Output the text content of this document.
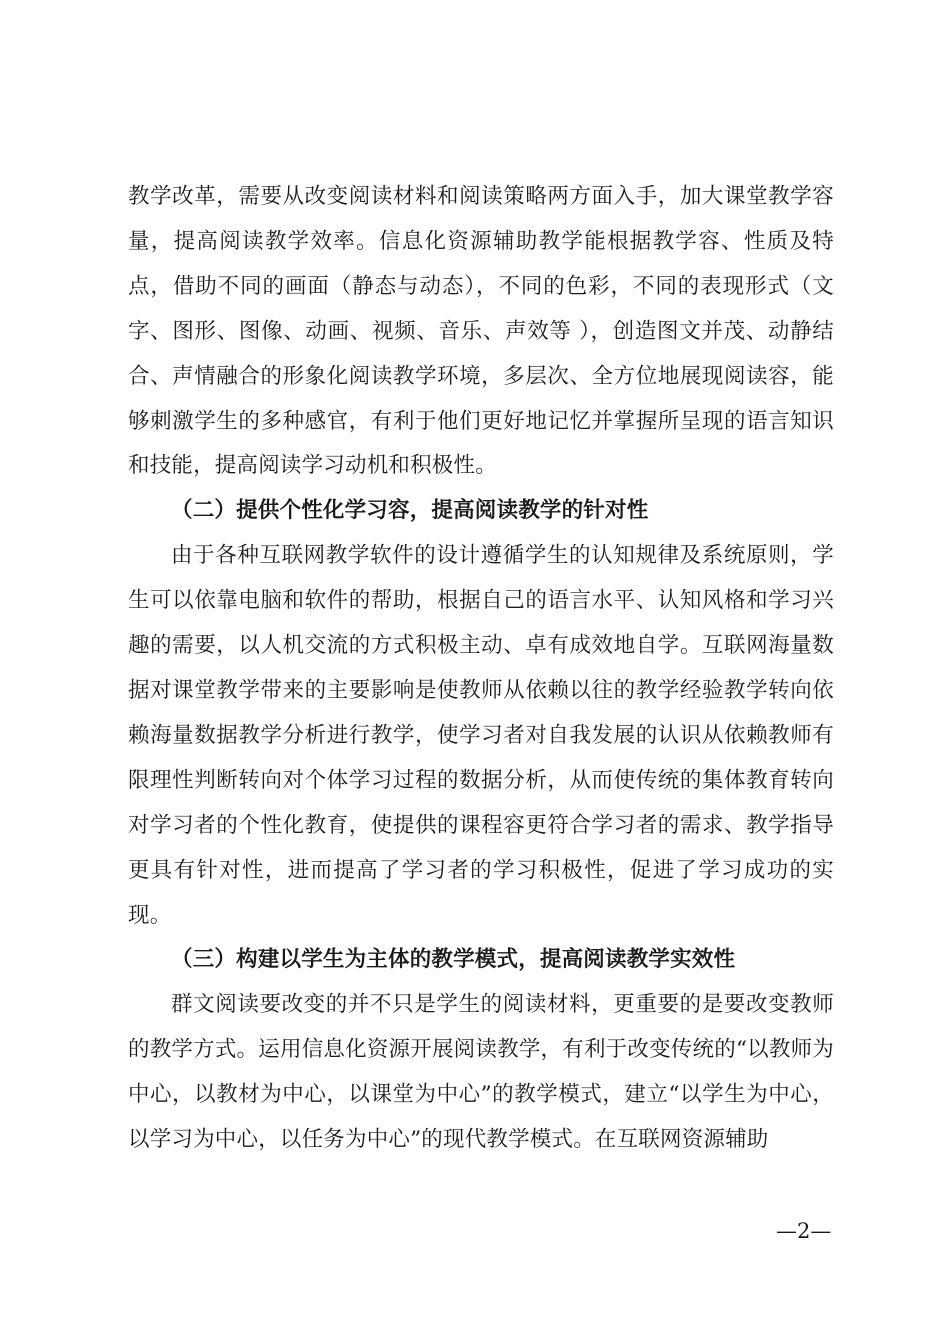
教学改革，需要从改变阅读材料和阅读策略两方面入手，加大课堂教学容量，提高阅读教学效率。信息化资源辅助教学能根据教学容、性质及特点，借助不同的画面（静态与动态），不同的色彩，不同的表现形式（文字、图形、图像、动画、视频、音乐、声效等 ），创造图文并茂、动静结合、声情融合的形象化阅读教学环境，多层次、全方位地展现阅读容，能够刺激学生的多种感官，有利于他们更好地记忆并掌握所呈现的语言知识和技能，提高阅读学习动机和积极性。

（二）提供个性化学习容，提高阅读教学的针对性

由于各种互联网教学软件的设计遵循学生的认知规律及系统原则，学生可以依靠电脑和软件的帮助，根据自己的语言水平、认知风格和学习兴趣的需要，以人机交流的方式积极主动、卓有成效地自学。互联网海量数据对课堂教学带来的主要影响是使教师从依赖以往的教学经验教学转向依赖海量数据教学分析进行教学，使学习者对自我发展的认识从依赖教师有限理性判断转向对个体学习过程的数据分析，从而使传统的集体教育转向对学习者的个性化教育，使提供的课程容更符合学习者的需求、教学指导更具有针对性，进而提高了学习者的学习积极性，促进了学习成功的实现。

（三）构建以学生为主体的教学模式，提高阅读教学实效性

群文阅读要改变的并不只是学生的阅读材料，更重要的是要改变教师的教学方式。运用信息化资源开展阅读教学，有利于改变传统的“以教师为中心，以教材为中心，以课堂为中心”的教学模式，建立“以学生为中心，以学习为中心，以任务为中心”的现代教学模式。在互联网资源辅助

—2—
